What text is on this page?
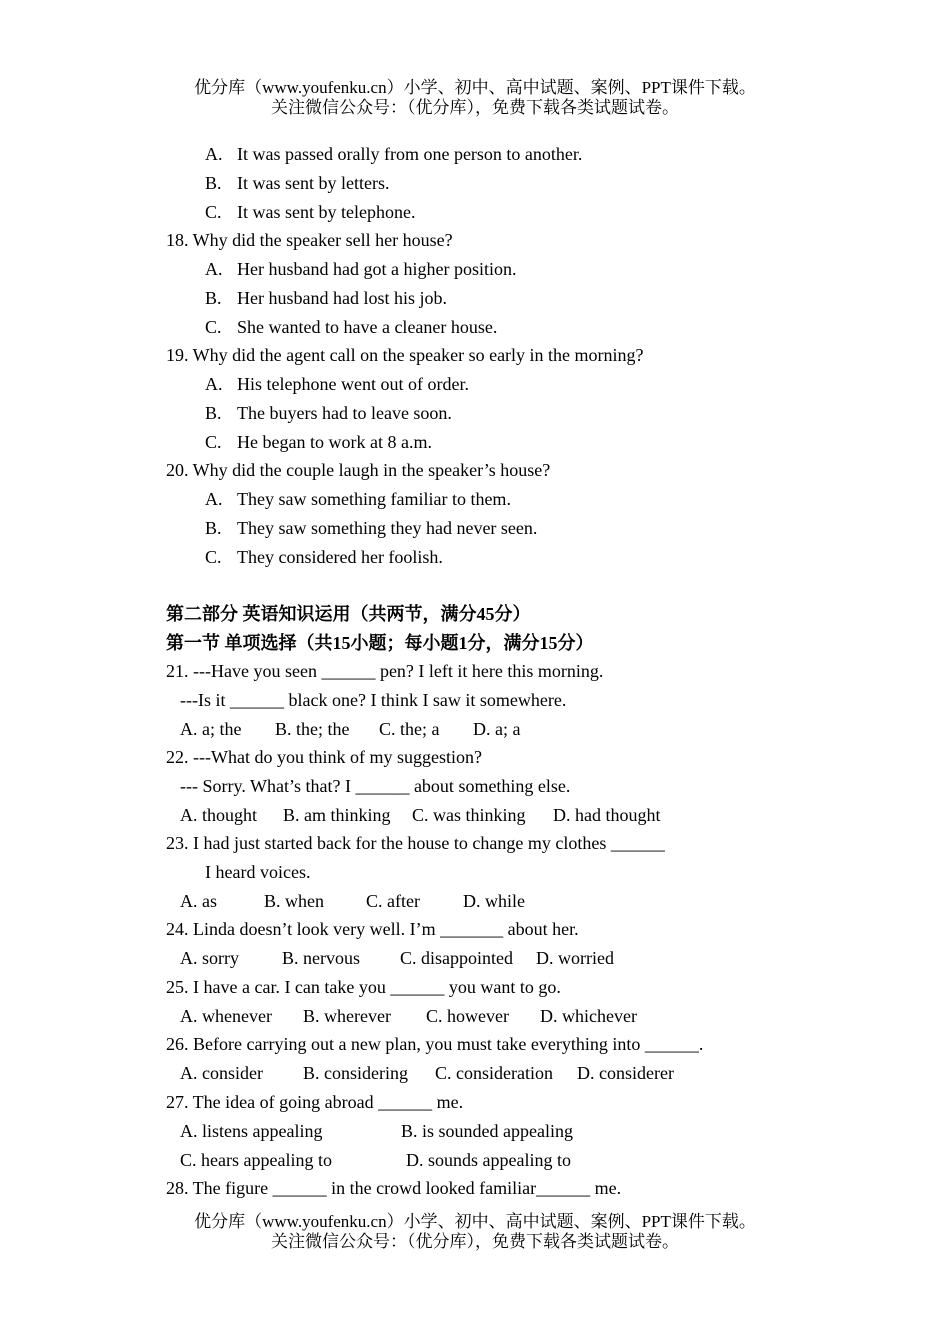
优分库（www.youfenku.cn）小学、初中、高中试题、案例、PPT课件下载。
关注微信公众号：（优分库），免费下载各类试题试卷。
A. It was passed orally from one person to another.
B. It was sent by letters.
C. It was sent by telephone.
18. Why did the speaker sell her house?
A. Her husband had got a higher position.
B. Her husband had lost his job.
C. She wanted to have a cleaner house.
19. Why did the agent call on the speaker so early in the morning?
A. His telephone went out of order.
B. The buyers had to leave soon.
C. He began to work at 8 a.m.
20. Why did the couple laugh in the speaker’s house?
A. They saw something familiar to them.
B. They saw something they had never seen.
C. They considered her foolish.
第二部分 英语知识运用（共两节，满分45分）
第一节 单项选择（共15小题；每小题1分，满分15分）
21. ---Have you seen ______ pen? I left it here this morning.
---Is it ______ black one? I think I saw it somewhere.
A. a; the B. the; the C. the; a D. a; a
22. ---What do you think of my suggestion?
--- Sorry. What’s that? I ______ about something else.
A. thought B. am thinking C. was thinking D. had thought
23. I had just started back for the house to change my clothes ______
I heard voices.
A. as	B. when C. after D. while
24. Linda doesn’t look very well. I’m _______ about her.
A. sorry B. nervous C. disappointed D. worried
25. I have a car. I can take you ______ you want to go.
A. whenever B. wherever C. however D. whichever
26. Before carrying out a new plan, you must take everything into ______.
A. consider B. considering C. consideration D. considerer
27. The idea of going abroad ______ me.
A. listens appealing	B. is sounded appealing
C. hears appealing to	D. sounds appealing to
28. The figure ______ in the crowd looked familiar______ me.
优分库（www.youfenku.cn）小学、初中、高中试题、案例、PPT课件下载。
关注微信公众号：（优分库），免费下载各类试题试卷。
